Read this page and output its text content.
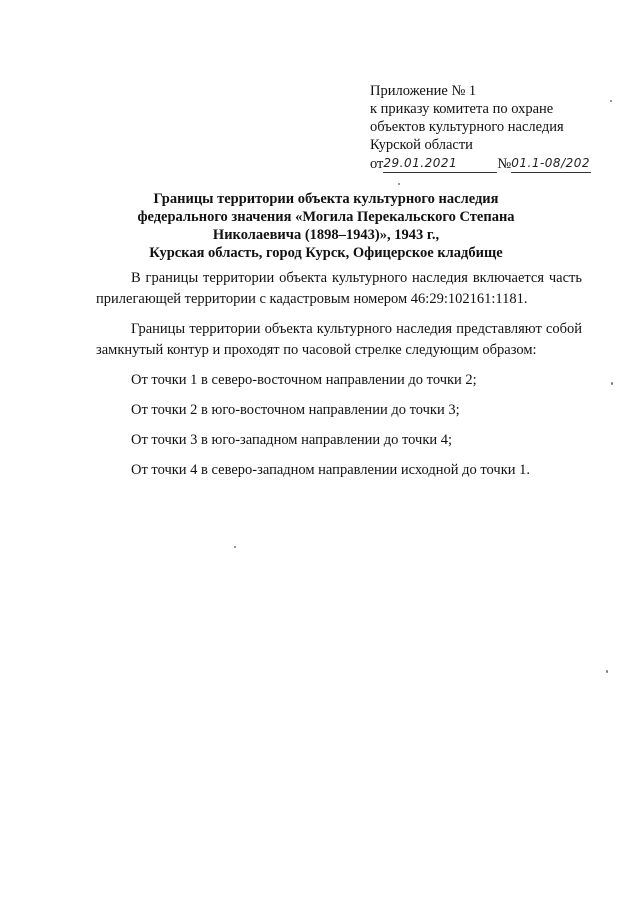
Приложение № 1
к приказу комитета по охране
объектов культурного наследия
Курской области
от29.01.2021	№01.1-08/202
Границы территории объекта культурного наследия
федерального значения «Могила Перекальского Степана
Николаевича (1898–1943)», 1943 г.,
Курская область, город Курск, Офицерское кладбище

В границы территории объекта культурного наследия включается часть прилегающей территории с кадастровым номером 46:29:102161:1181.

Границы территории объекта культурного наследия представляют собой замкнутый контур и проходят по часовой стрелке следующим образом:

От точки 1 в северо-восточном направлении до точки 2;
От точки 2 в юго-восточном направлении до точки 3;
От точки 3 в юго-западном направлении до точки 4;
От точки 4 в северо-западном направлении исходной до точки 1.
